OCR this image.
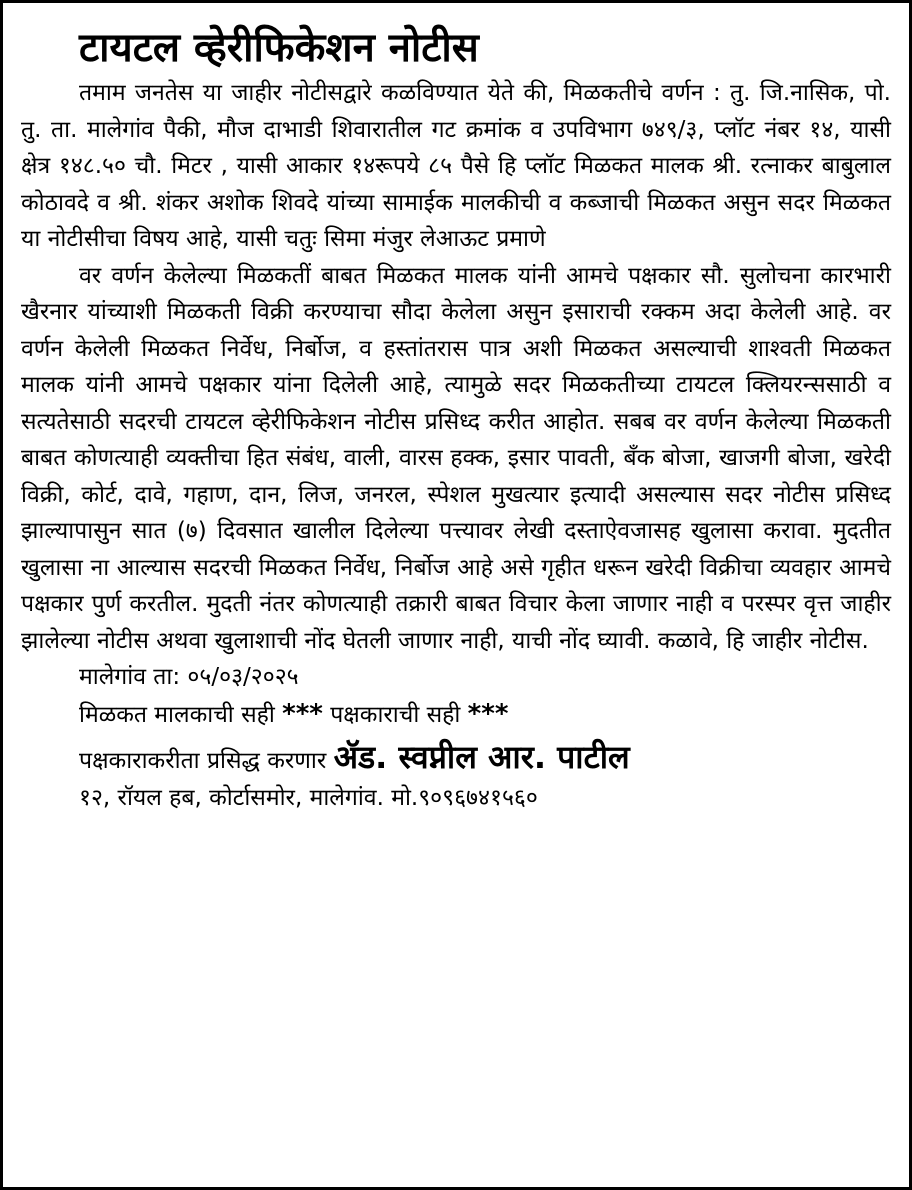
टायटल व्हेरीफिकेशन नोटीस

तमाम जनतेस या जाहीर नोटीसद्वारे कळविण्यात येते की, मिळकतीचे वर्णन : तु. जि.नासिक, पो. तु. ता. मालेगांव पैकी, मौज दाभाडी शिवारातील गट क्रमांक व उपविभाग ७४९/३, प्लॉट नंबर १४, यासी क्षेत्र १४८.५० चौ. मिटर , यासी आकार १४रूपये ८५ पैसे हि प्लॉट मिळकत मालक श्री. रत्नाकर बाबुलाल कोठावदे व श्री. शंकर अशोक शिवदे यांच्या सामाईक मालकीची व कब्जाची मिळकत असुन सदर मिळकत या नोटीसीचा विषय आहे, यासी चतुः सिमा मंजुर लेआऊट प्रमाणे

वर वर्णन केलेल्या मिळकतीं बाबत मिळकत मालक यांनी आमचे पक्षकार सौ. सुलोचना कारभारी खैरनार यांच्याशी मिळकती विक्री करण्याचा सौदा केलेला असुन इसाराची रक्कम अदा केलेली आहे. वर वर्णन केलेली मिळकत निर्वेध, निर्बोज, व हस्तांतरास पात्र अशी मिळकत असल्याची शाश्वती मिळकत मालक यांनी आमचे पक्षकार यांना दिलेली आहे, त्यामुळे सदर मिळकतीच्या टायटल क्लियरन्ससाठी व सत्यतेसाठी सदरची टायटल व्हेरीफिकेशन नोटीस प्रसिध्द करीत आहोत. सबब वर वर्णन केलेल्या मिळकती बाबत कोणत्याही व्यक्तीचा हित संबंध, वाली, वारस हक्क, इसार पावती, बँक बोजा, खाजगी बोजा, खरेदी विक्री, कोर्ट, दावे, गहाण, दान, लिज, जनरल, स्पेशल मुखत्यार इत्यादी असल्यास सदर नोटीस प्रसिध्द झाल्यापासुन सात (७) दिवसात खालील दिलेल्या पत्त्यावर लेखी दस्ताऐवजासह खुलासा करावा. मुदतीत खुलासा ना आल्यास सदरची मिळकत निर्वेध, निर्बोज आहे असे गृहीत धरून खरेदी विक्रीचा व्यवहार आमचे पक्षकार पुर्ण करतील. मुदती नंतर कोणत्याही तक्रारी बाबत विचार केला जाणार नाही व परस्पर वृत्त जाहीर झालेल्या नोटीस अथवा खुलाशाची नोंद घेतली जाणार नाही, याची नोंद घ्यावी. कळावे, हि जाहीर नोटीस.

मालेगांव ता: ०५/०३/२०२५

मिळकत मालकाची सही *** पक्षकाराची सही ***

पक्षकाराकरीता प्रसिद्ध करणार ॲड. स्वप्नील आर. पाटील

१२, रॉयल हब, कोर्टासमोर, मालेगांव. मो.९०९६७४१५६०
